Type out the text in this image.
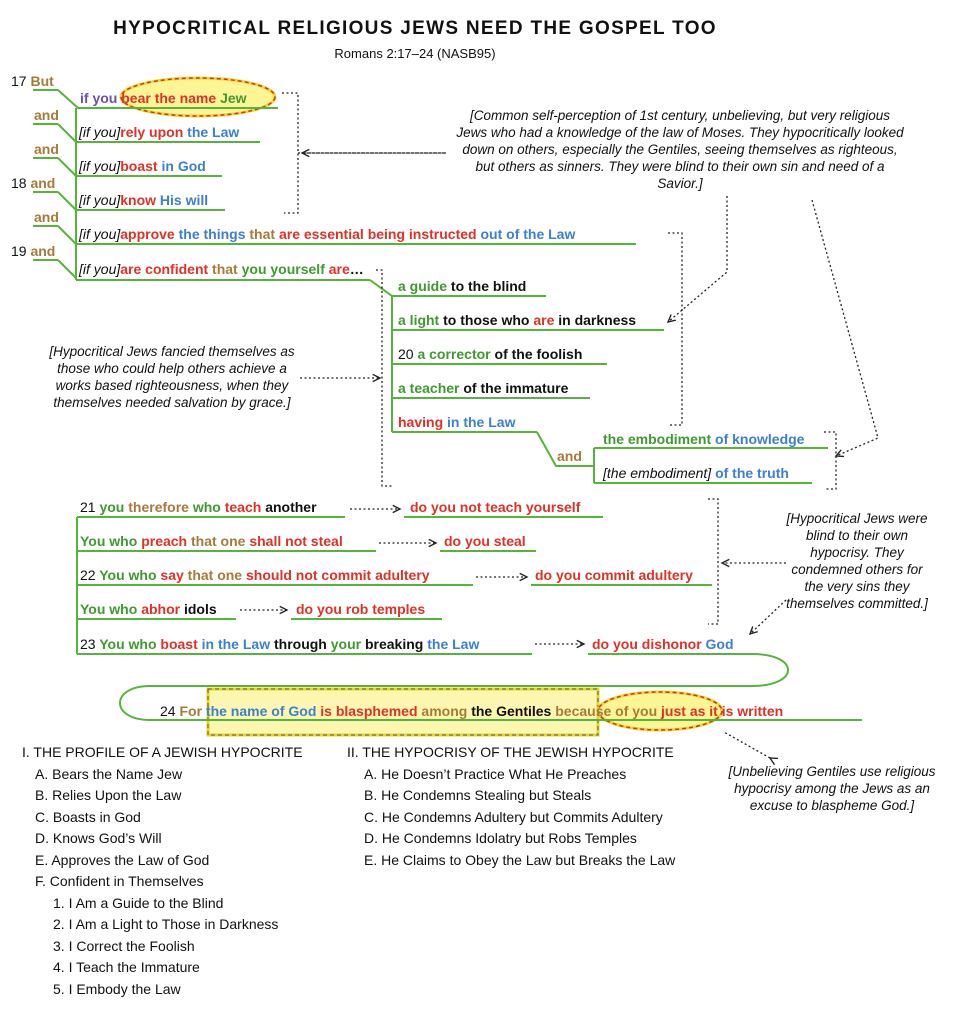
HYPOCRITICAL RELIGIOUS JEWS NEED THE GOSPEL TOO
Romans 2:17–24 (NASB95)
17 But
if you bear the name Jew
and
[if you]rely upon the Law
and
[if you]boast in God
18 and
[if you]know His will
and
[if you]approve the things that are essential being instructed out of the Law
19 and
[if you]are confident that you yourself are…
a guide to the blind
a light to those who are in darkness
20 a corrector of the foolish
a teacher of the immature
having in the Law
and
the embodiment of knowledge
[the embodiment] of the truth
21 you therefore who teach another	do you not teach yourself
You who preach that one shall not steal	do you steal
22 You who say that one should not commit adultery	do you commit adultery
You who abhor idols	do you rob temples
23 You who boast in the Law through your breaking the Law	do you dishonor God
24 For the name of God is blasphemed among the Gentiles because of you just as it is written
[Common self-perception of 1st century, unbelieving, but very religious Jews who had a knowledge of the law of Moses. They hypocritically looked down on others, especially the Gentiles, seeing themselves as righteous, but others as sinners. They were blind to their own sin and need of a Savior.]
[Hypocritical Jews fancied themselves as those who could help others achieve a works based righteousness, when they themselves needed salvation by grace.]
[Hypocritical Jews were blind to their own hypocrisy. They condemned others for the very sins they themselves committed.]
[Unbelieving Gentiles use religious hypocrisy among the Jews as an excuse to blaspheme God.]
I. THE PROFILE OF A JEWISH HYPOCRITE
A. Bears the Name Jew
B. Relies Upon the Law
C. Boasts in God
D. Knows God’s Will
E. Approves the Law of God
F. Confident in Themselves
1. I Am a Guide to the Blind
2. I Am a Light to Those in Darkness
3. I Correct the Foolish
4. I Teach the Immature
5. I Embody the Law
II. THE HYPOCRISY OF THE JEWISH HYPOCRITE
A. He Doesn’t Practice What He Preaches
B. He Condemns Stealing but Steals
C. He Condemns Adultery but Commits Adultery
D. He Condemns Idolatry but Robs Temples
E. He Claims to Obey the Law but Breaks the Law
